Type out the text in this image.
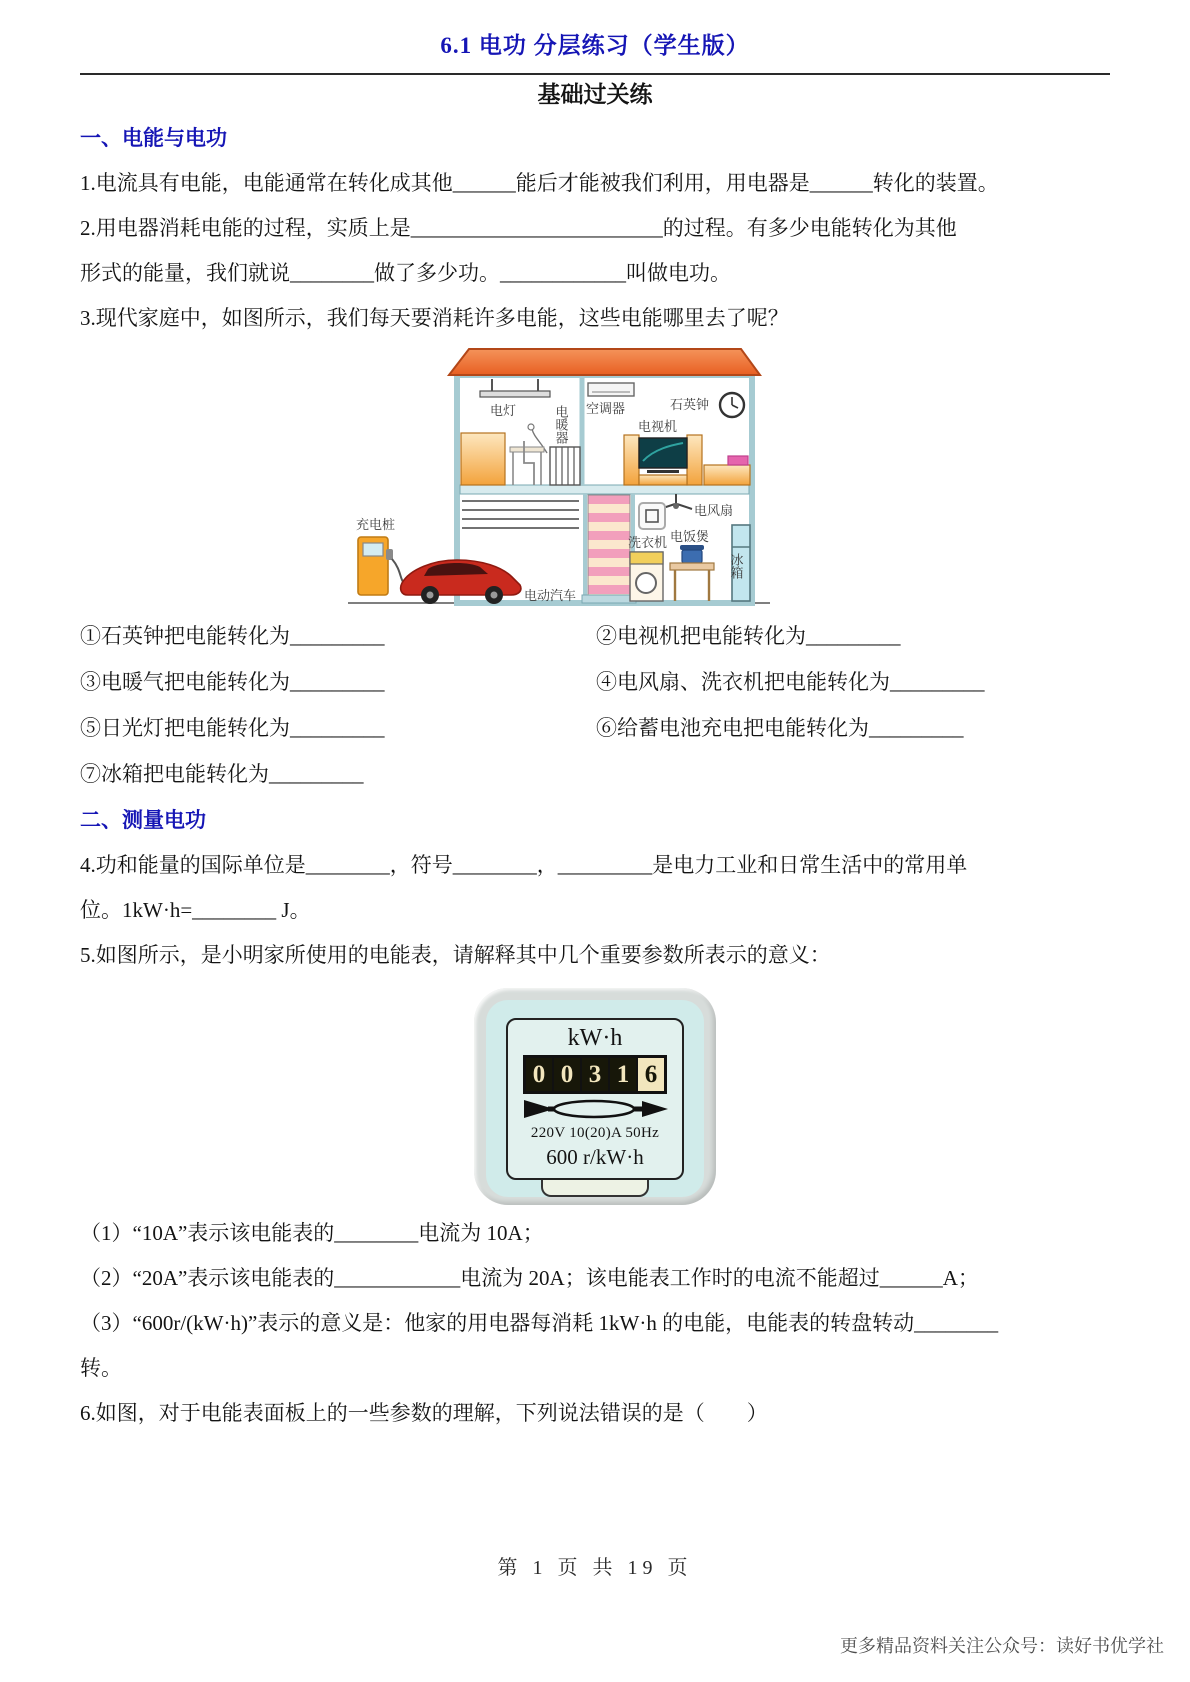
6.1 电功 分层练习（学生版）
基础过关练
一、电能与电功
1.电流具有电能，电能通常在转化成其他______能后才能被我们利用，用电器是______转化的装置。
2.用电器消耗电能的过程，实质上是________________________的过程。有多少电能转化为其他
形式的能量，我们就说________做了多少功。____________叫做电功。
3.现代家庭中，如图所示，我们每天要消耗许多电能，这些电能哪里去了呢？
电灯	电暖器 空调器	石英钟
电视机
电风扇
洗衣机 电饭煲
冰箱
充电桩
电动汽车
①石英钟把电能转化为_________	②电视机把电能转化为_________
③电暖气把电能转化为_________	④电风扇、洗衣机把电能转化为_________
⑤日光灯把电能转化为_________	⑥给蓄电池充电把电能转化为_________
⑦冰箱把电能转化为_________
二、测量电功
4.功和能量的国际单位是________，符号________，_________是电力工业和日常生活中的常用单
位。1kW·h=________ J。
5.如图所示，是小明家所使用的电能表，请解释其中几个重要参数所表示的意义：
kW·h
0 0 3 1 6
220V 10(20)A 50Hz
600 r/kW·h
（1）“10A”表示该电能表的________电流为 10A；
（2）“20A”表示该电能表的____________电流为 20A；该电能表工作时的电流不能超过______A；
（3）“600r/(kW·h)”表示的意义是：他家的用电器每消耗 1kW·h 的电能，电能表的转盘转动________
转。
6.如图，对于电能表面板上的一些参数的理解，下列说法错误的是（　　）
第 1 页 共 19 页
更多精品资料关注公众号：读好书优学社
